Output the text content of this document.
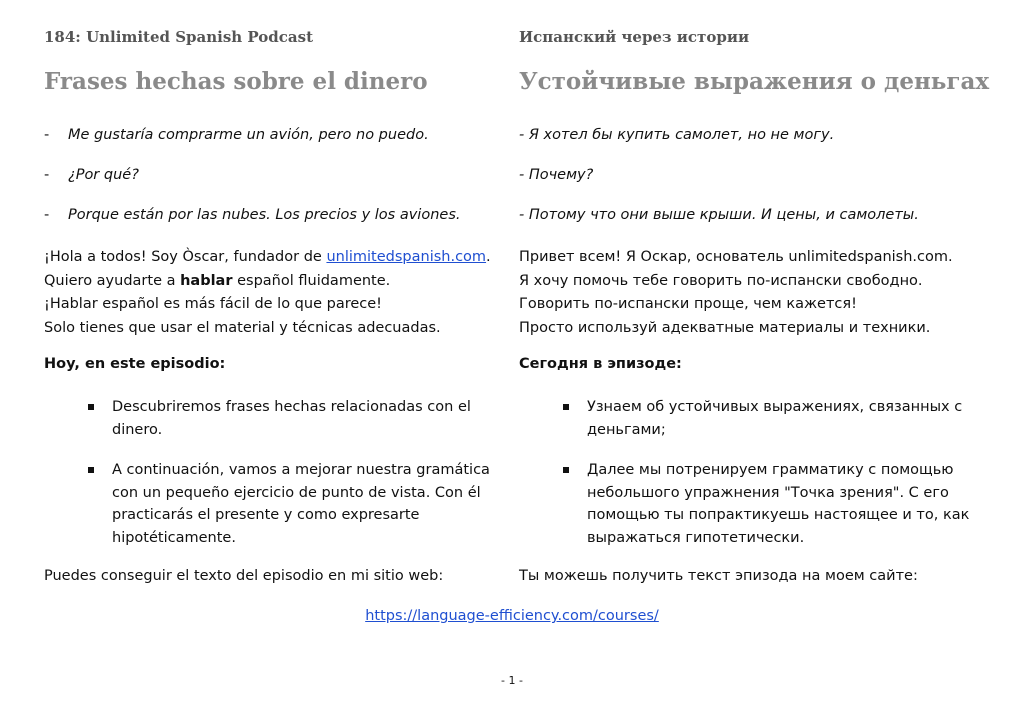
184: Unlimited Spanish Podcast
Frases hechas sobre el dinero
- Me gustaría comprarme un avión, pero no puedo.
- ¿Por qué?
- Porque están por las nubes. Los precios y los aviones.
¡Hola a todos! Soy Òscar, fundador de unlimitedspanish.com.
Quiero ayudarte a hablar español fluidamente.
¡Hablar español es más fácil de lo que parece!
Solo tienes que usar el material y técnicas adecuadas.
Hoy, en este episodio:
Descubriremos frases hechas relacionadas con el
dinero.
A continuación, vamos a mejorar nuestra gramática
con un pequeño ejercicio de punto de vista. Con él
practicarás el presente y como expresarte
hipotéticamente.
Puedes conseguir el texto del episodio en mi sitio web:
Испанский через истории
Устойчивые выражения о деньгах
- Я хотел бы купить самолет, но не могу.
- Почему?
- Потому что они выше крыши. И цены, и самолеты.
Привет всем! Я Оскар, основатель unlimitedspanish.com.
Я хочу помочь тебе говорить по-испански свободно.
Говорить по-испански проще, чем кажется!
Просто используй адекватные материалы и техники.
Сегодня в эпизоде:
Узнаем об устойчивых выражениях, связанных с
деньгами;
Далее мы потренируем грамматику с помощью
небольшого упражнения "Точка зрения". С его
помощью ты попрактикуешь настоящее и то, как
выражаться гипотетически.
Ты можешь получить текст эпизода на моем сайте:
https://language-efficiency.com/courses/
- 1 -
